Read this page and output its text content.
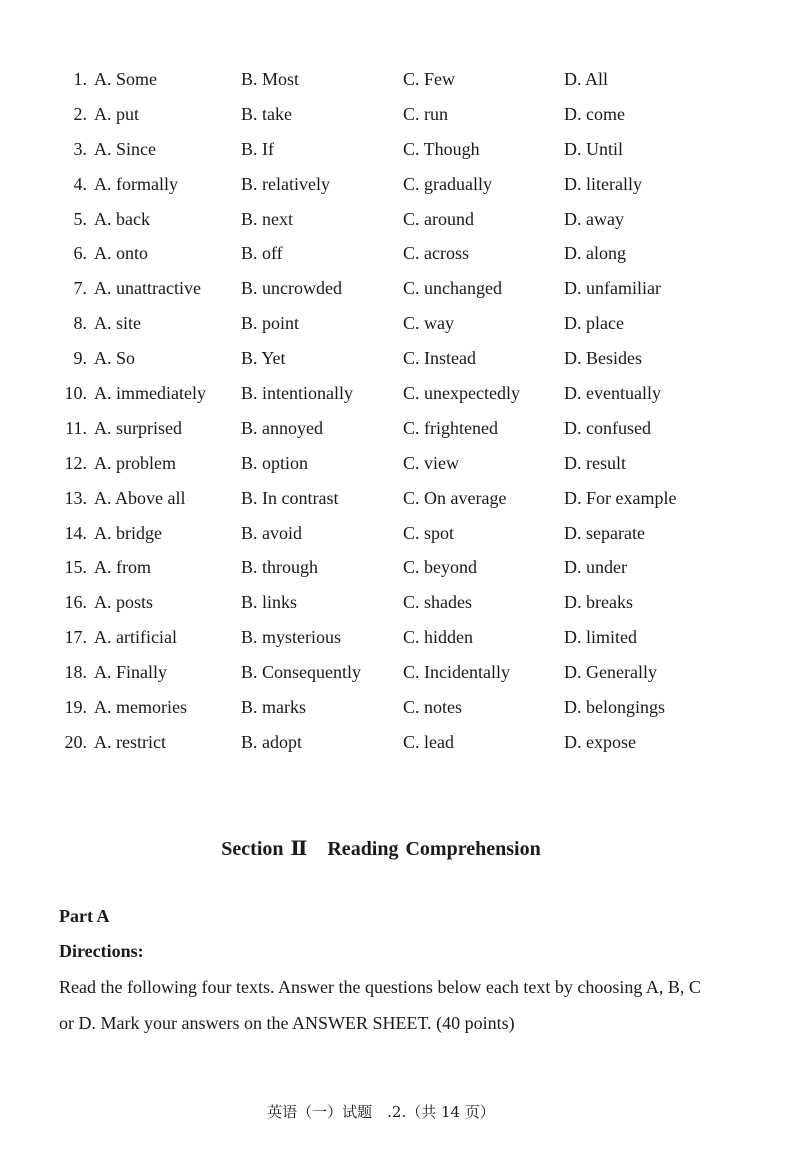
1. A. Some	B. Most	C. Few	D. All
2. A. put	B. take	C. run	D. come
3. A. Since	B. If	C. Though	D. Until
4. A. formally	B. relatively	C. gradually	D. literally
5. A. back	B. next	C. around	D. away
6. A. onto	B. off	C. across	D. along
7. A. unattractive B. uncrowded	C. unchanged	D. unfamiliar
8. A. site	B. point	C. way	D. place
9. A. So	B. Yet	C. Instead	D. Besides
10. A. immediately B. intentionally	C. unexpectedly D. eventually
11. A. surprised	B. annoyed	C. frightened	D. confused
12. A. problem	B. option	C. view	D. result
13. A. Above all	B. In contrast	C. On average	D. For example
14. A. bridge	B. avoid	C. spot	D. separate
15. A. from	B. through	C. beyond	D. under
16. A. posts	B. links	C. shades	D. breaks
17. A. artificial	B. mysterious	C. hidden	D. limited
18. A. Finally	B. Consequently C. Incidentally	D. Generally
19. A. memories	B. marks	C. notes	D. belongings
20. A. restrict	B. adopt	C. lead	D. expose
Section Ⅱ　Reading Comprehension
Part A
Directions:
Read the following four texts. Answer the questions below each text by choosing A, B, C or D. Mark your answers on the ANSWER SHEET. (40 points)
英语（一）试题　.2.（共 14 页）
